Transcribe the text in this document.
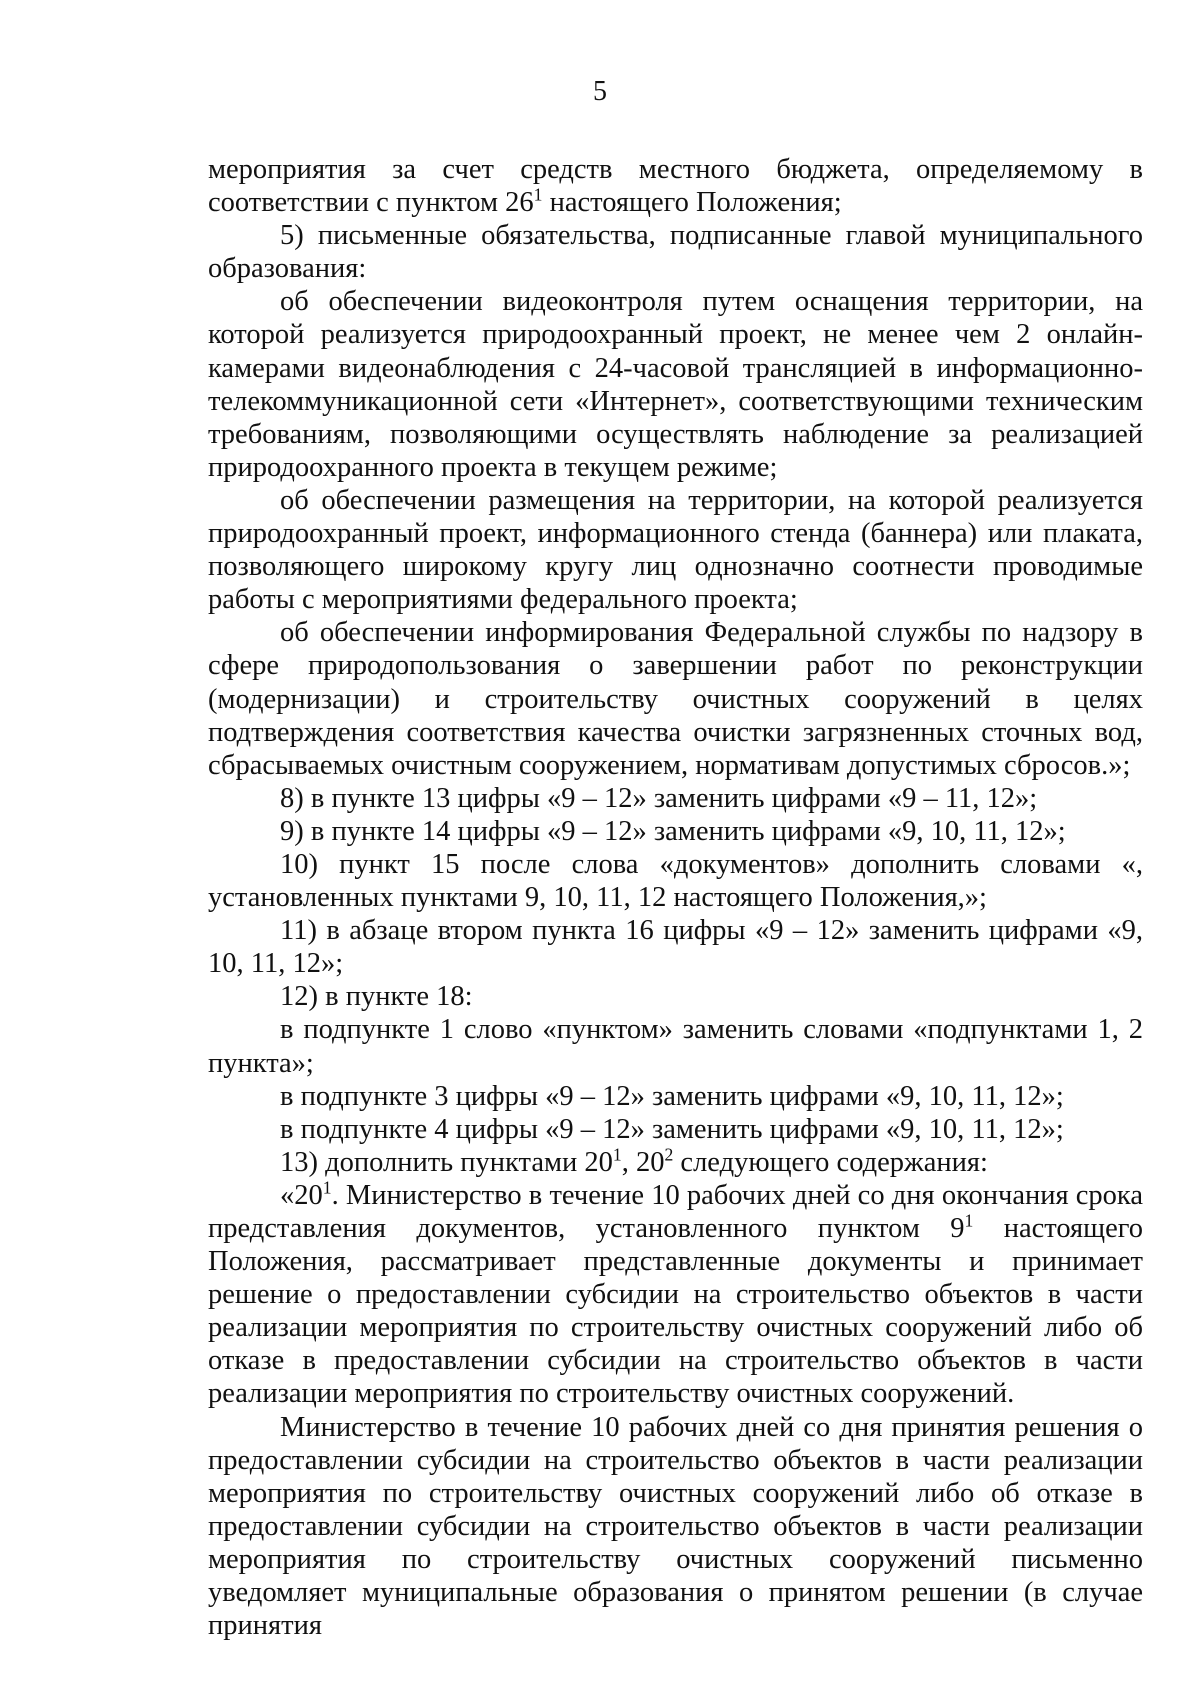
5

мероприятия за счет средств местного бюджета, определяемому в соответствии с пунктом $26^1$ настоящего Положения;

5) письменные обязательства, подписанные главой муниципального образования:

об обеспечении видеоконтроля путем оснащения территории, на которой реализуется природоохранный проект, не менее чем 2 онлайн-камерами видеонаблюдения с 24-часовой трансляцией в информационно-телекоммуникационной сети «Интернет», соответствующими техническим требованиям, позволяющими осуществлять наблюдение за реализацией природоохранного проекта в текущем режиме;

об обеспечении размещения на территории, на которой реализуется природоохранный проект, информационного стенда (баннера) или плаката, позволяющего широкому кругу лиц однозначно соотнести проводимые работы с мероприятиями федерального проекта;

об обеспечении информирования Федеральной службы по надзору в сфере природопользования о завершении работ по реконструкции (модернизации) и строительству очистных сооружений в целях подтверждения соответствия качества очистки загрязненных сточных вод, сбрасываемых очистным сооружением, нормативам допустимых сбросов.»;

8) в пункте 13 цифры «9 – 12» заменить цифрами «9 – 11, 12»;

9) в пункте 14 цифры «9 – 12» заменить цифрами «9, 10, 11, 12»;

10) пункт 15 после слова «документов» дополнить словами «, установленных пунктами 9, 10, 11, 12 настоящего Положения,»;

11) в абзаце втором пункта 16 цифры «9 – 12» заменить цифрами «9, 10, 11, 12»;

12) в пункте 18:

в подпункте 1 слово «пунктом» заменить словами «подпунктами 1, 2 пункта»;

в подпункте 3 цифры «9 – 12» заменить цифрами «9, 10, 11, 12»;

в подпункте 4 цифры «9 – 12» заменить цифрами «9, 10, 11, 12»;

13) дополнить пунктами $20^1$, $20^2$ следующего содержания:

«$20^1$. Министерство в течение 10 рабочих дней со дня окончания срока представления документов, установленного пунктом $9^1$ настоящего Положения, рассматривает представленные документы и принимает решение о предоставлении субсидии на строительство объектов в части реализации мероприятия по строительству очистных сооружений либо об отказе в предоставлении субсидии на строительство объектов в части реализации мероприятия по строительству очистных сооружений.

Министерство в течение 10 рабочих дней со дня принятия решения о предоставлении субсидии на строительство объектов в части реализации мероприятия по строительству очистных сооружений либо об отказе в предоставлении субсидии на строительство объектов в части реализации мероприятия по строительству очистных сооружений письменно уведомляет муниципальные образования о принятом решении (в случае принятия
